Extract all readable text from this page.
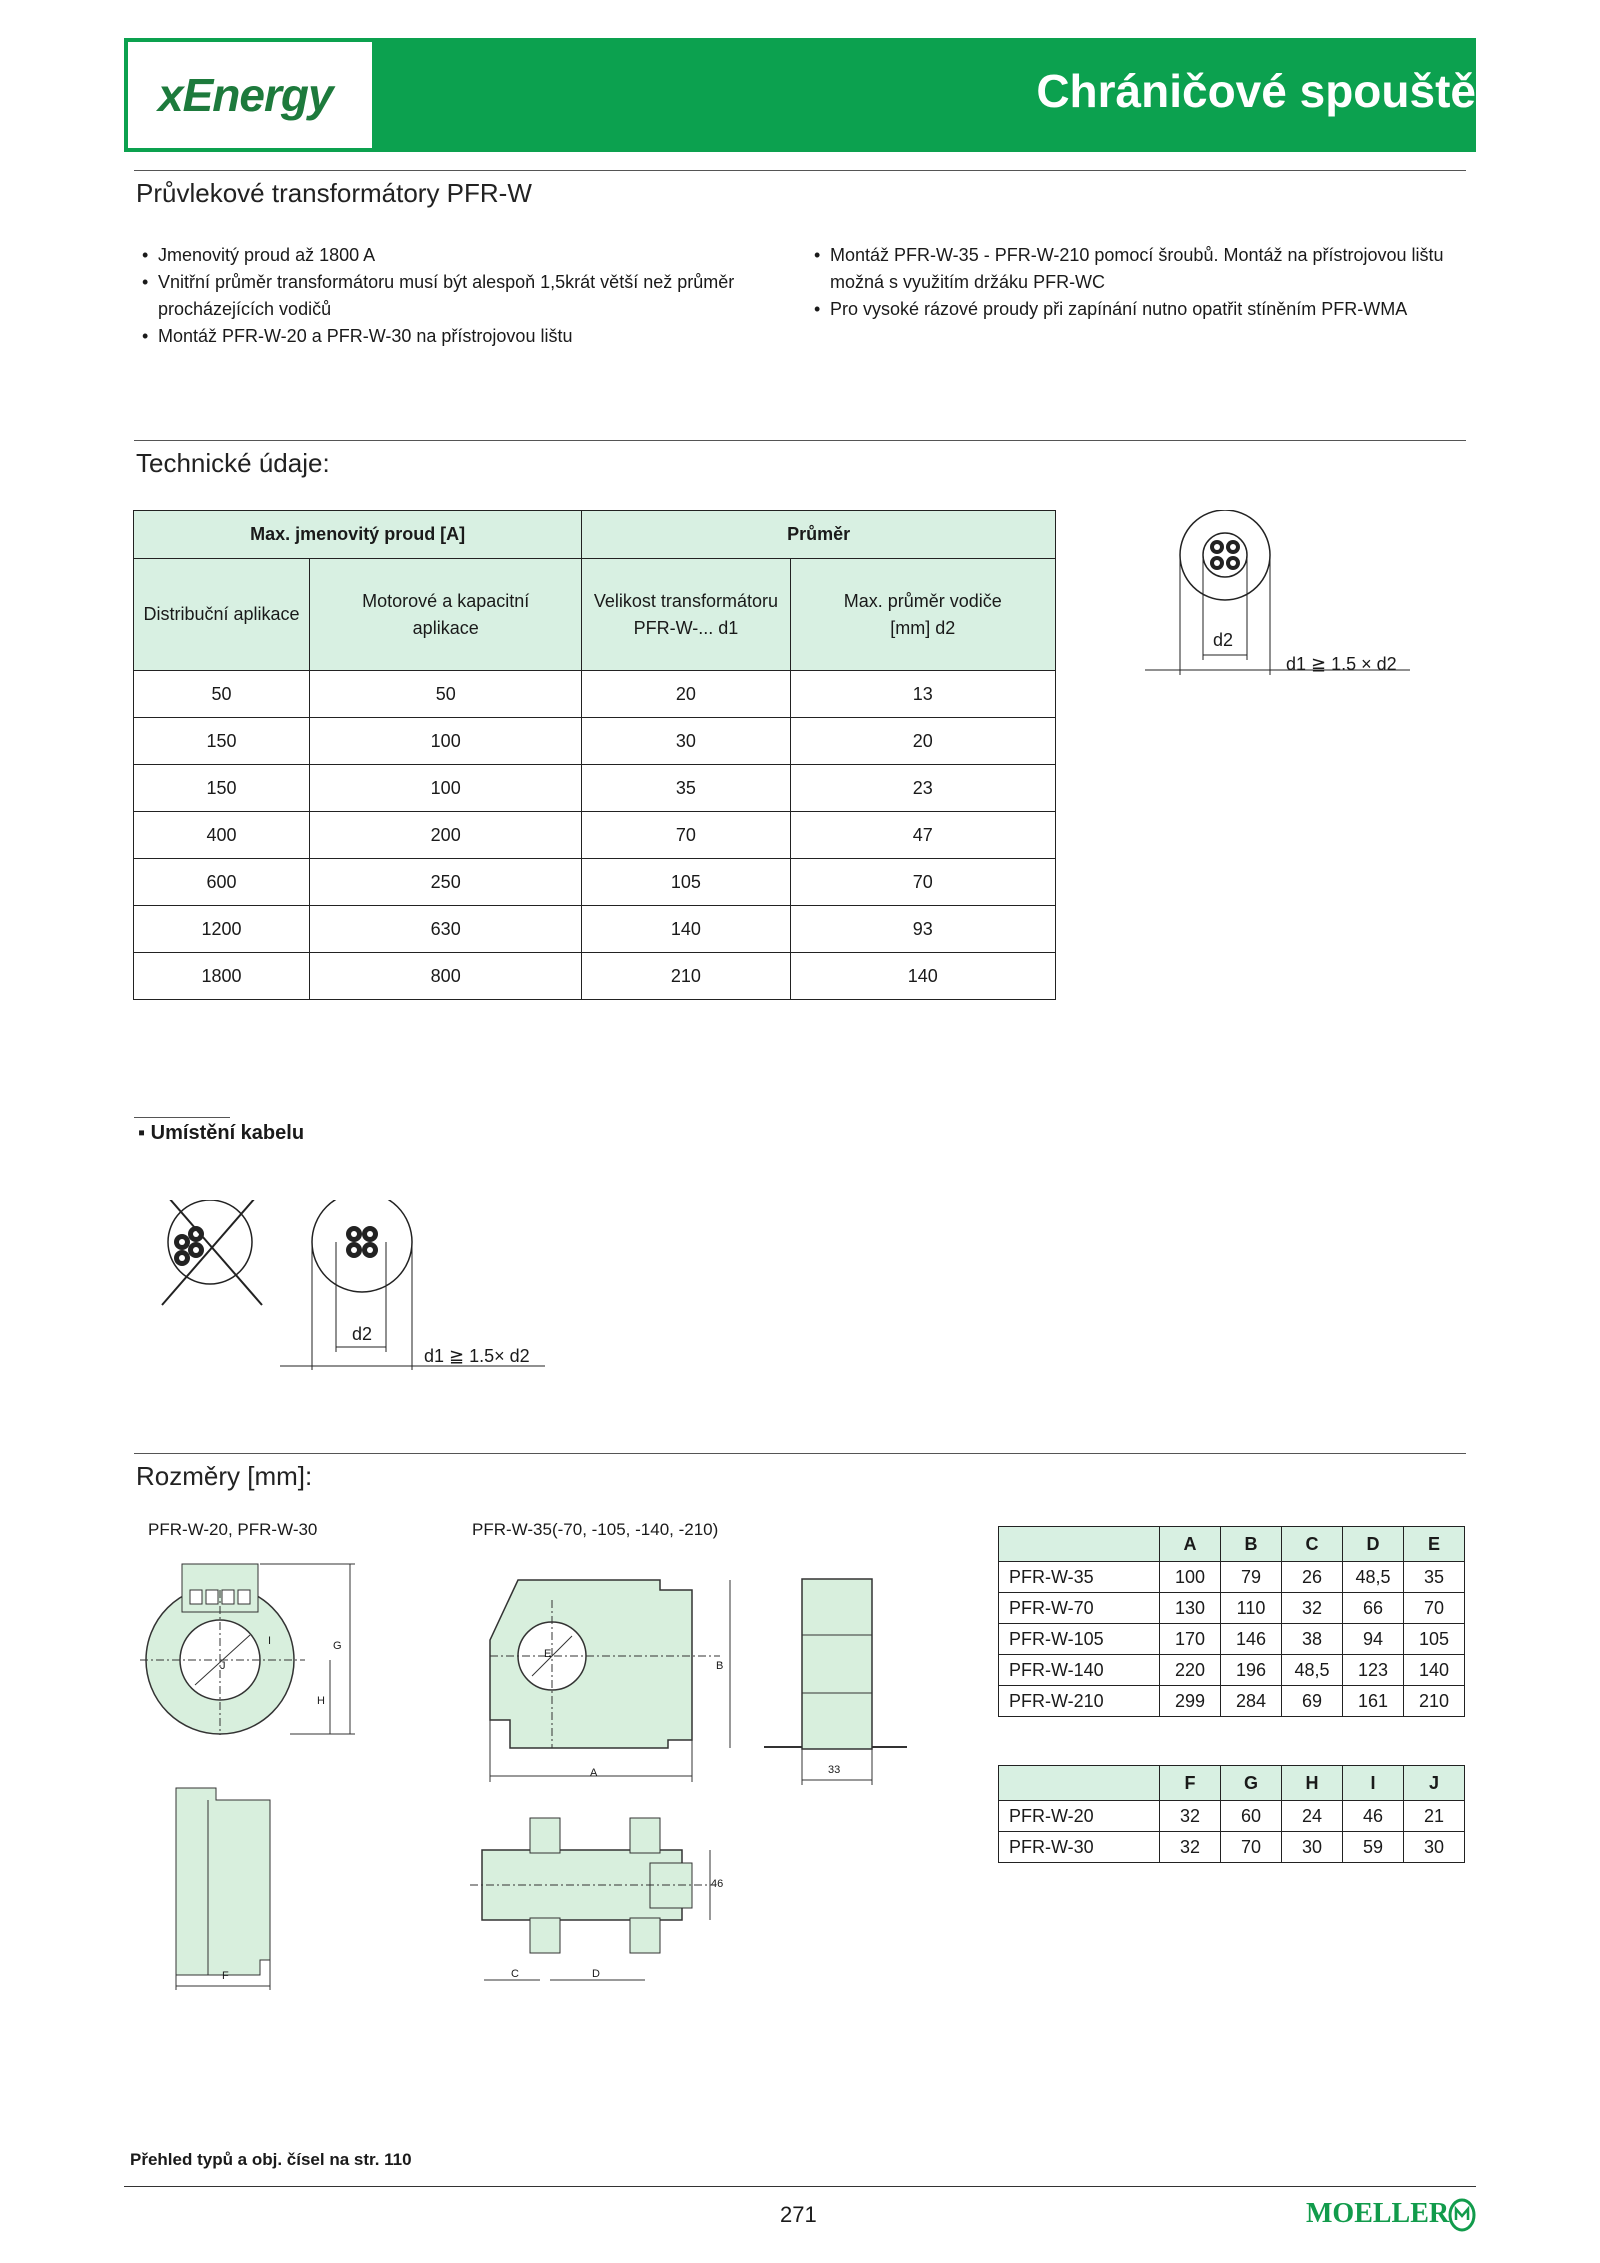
xEnergy	Chráničové spouště
Průvlekové transformátory PFR-W
• Jmenovitý proud až 1800 A
• Vnitřní průměr transformátoru musí být alespoň 1,5krát větší než průměr procházejících vodičů
• Montáž PFR-W-20 a PFR-W-30 na přístrojovou lištu
• Montáž PFR-W-35 - PFR-W-210 pomocí šroubů. Montáž na přístrojovou lištu možná s využitím držáku PFR-WC
• Pro vysoké rázové proudy při zapínání nutno opatřit stíněním PFR-WMA
Technické údaje:
Max. jmenovitý proud [A]		Průměr	
Distribuční aplikace	Motorové a kapacitní aplikace	Velikost transformátoru PFR-W-... d1	Max. průměr vodiče [mm] d2
50	50	20	13
150	100	30	20
150	100	35	23
400	200	70	47
600	250	105	70
1200	630	140	93
1800	800	210	140
d2
d1 ≧ 1.5 × d2
▪ Umístění kabelu
d2
d1 ≧ 1.5× d2
Rozměry [mm]:
PFR-W-20, PFR-W-30	PFR-W-35(-70, -105, -140, -210)
G
H
I
J
F
B
A
E
33
46
C	D
	A	B	C	D	E
PFR-W-35	100	79	26	48,5	35
PFR-W-70	130	110	32	66	70
PFR-W-105	170	146	38	94	105
PFR-W-140	220	196	48,5	123	140
PFR-W-210	299	284	69	161	210
	F	G	H	I	J
PFR-W-20	32	60	24	46	21
PFR-W-30	32	70	30	59	30
Přehled typů a obj. čísel na str. 110
271	MOELLER
